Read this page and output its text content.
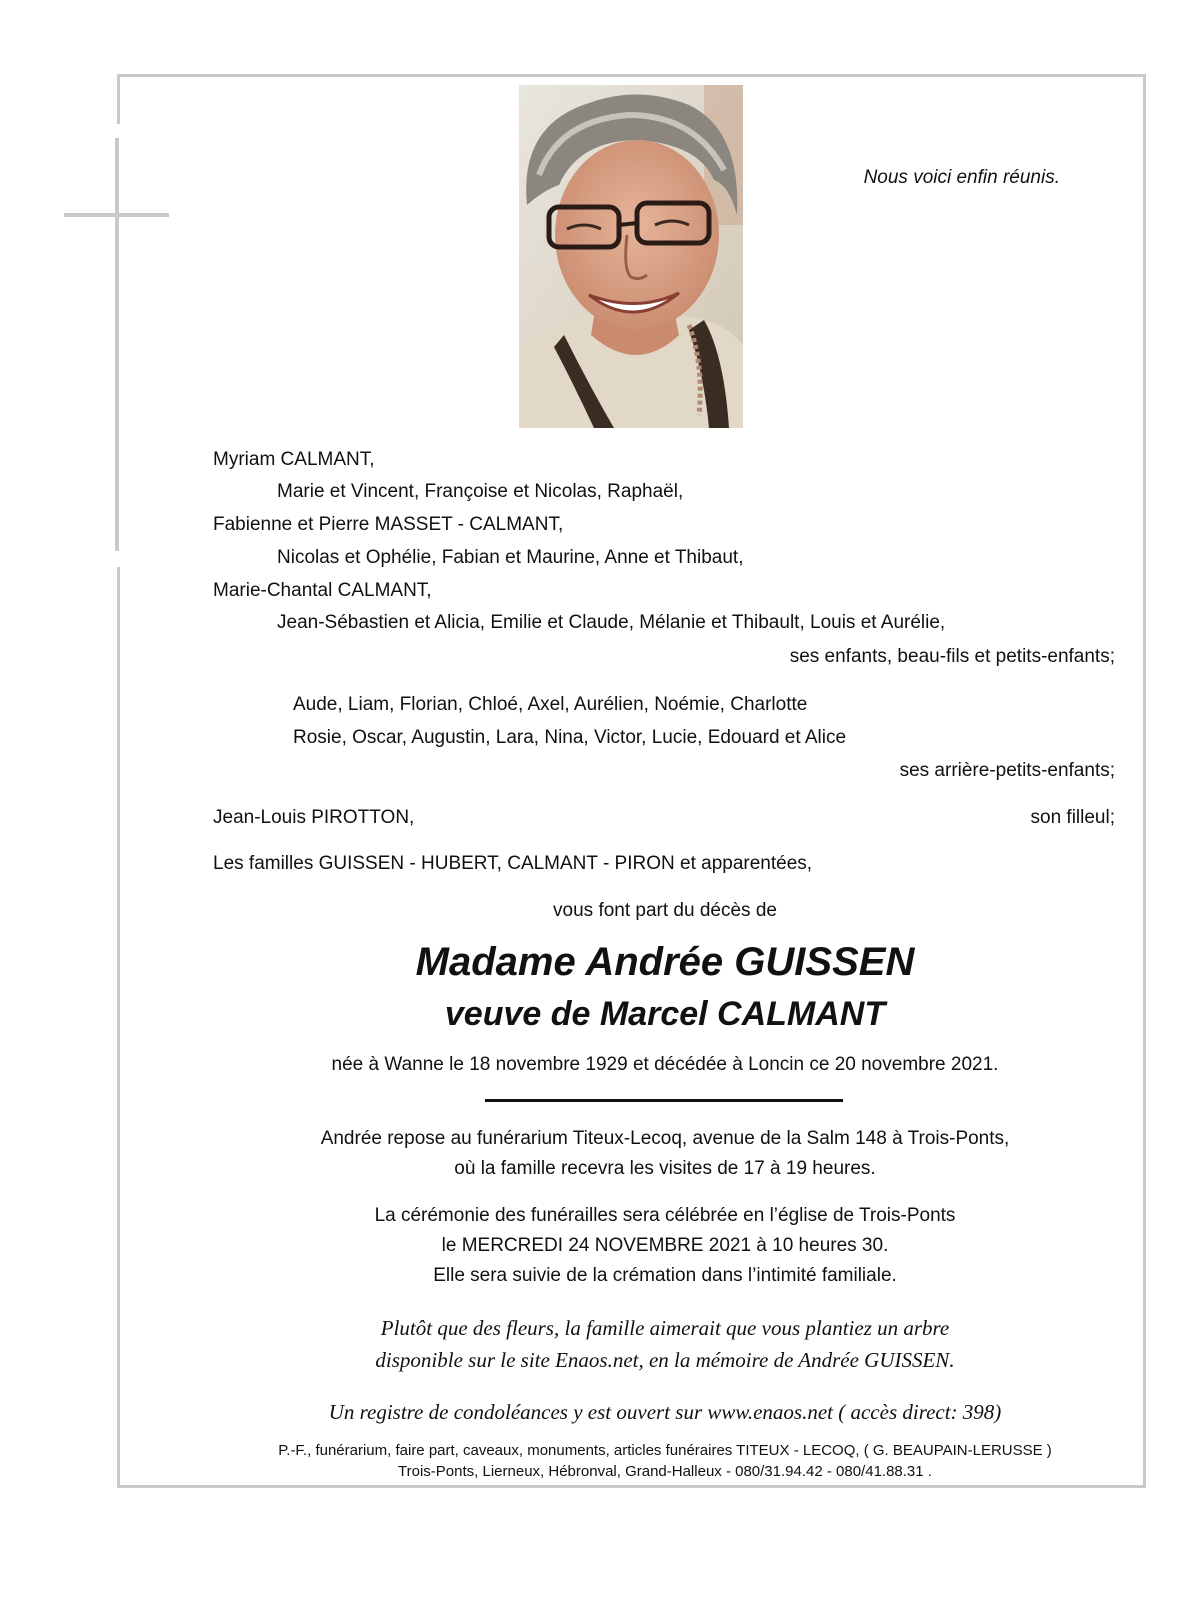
Nous voici enfin réunis.
Myriam CALMANT,
Marie et Vincent, Françoise et Nicolas, Raphaël,
Fabienne et Pierre MASSET - CALMANT,
Nicolas et Ophélie, Fabian et Maurine, Anne et Thibaut,
Marie-Chantal CALMANT,
Jean-Sébastien et Alicia, Emilie et Claude, Mélanie et Thibault, Louis et Aurélie,
ses enfants, beau-fils et petits-enfants;
Aude, Liam, Florian, Chloé, Axel, Aurélien, Noémie, Charlotte
Rosie, Oscar, Augustin, Lara, Nina, Victor, Lucie, Edouard et Alice
ses arrière-petits-enfants;
Jean-Louis PIROTTON,	son filleul;
Les familles GUISSEN - HUBERT, CALMANT - PIRON et apparentées,
vous font part du décès de
Madame Andrée GUISSEN
veuve de Marcel CALMANT
née à Wanne le 18 novembre 1929 et décédée à Loncin ce 20 novembre 2021.
Andrée repose au funérarium Titeux-Lecoq, avenue de la Salm 148 à Trois-Ponts,
où la famille recevra les visites de 17 à 19 heures.
La cérémonie des funérailles sera célébrée en l’église de Trois-Ponts
le MERCREDI 24 NOVEMBRE 2021 à 10 heures 30.
Elle sera suivie de la crémation dans l’intimité familiale.
Plutôt que des fleurs, la famille aimerait que vous plantiez un arbre
disponible sur le site Enaos.net, en la mémoire de Andrée GUISSEN.
Un registre de condoléances y est ouvert sur www.enaos.net ( accès direct: 398)
P.-F., funérarium, faire part, caveaux, monuments, articles funéraires TITEUX - LECOQ, ( G. BEAUPAIN-LERUSSE )
Trois-Ponts, Lierneux, Hébronval, Grand-Halleux - 080/31.94.42 - 080/41.88.31 .
